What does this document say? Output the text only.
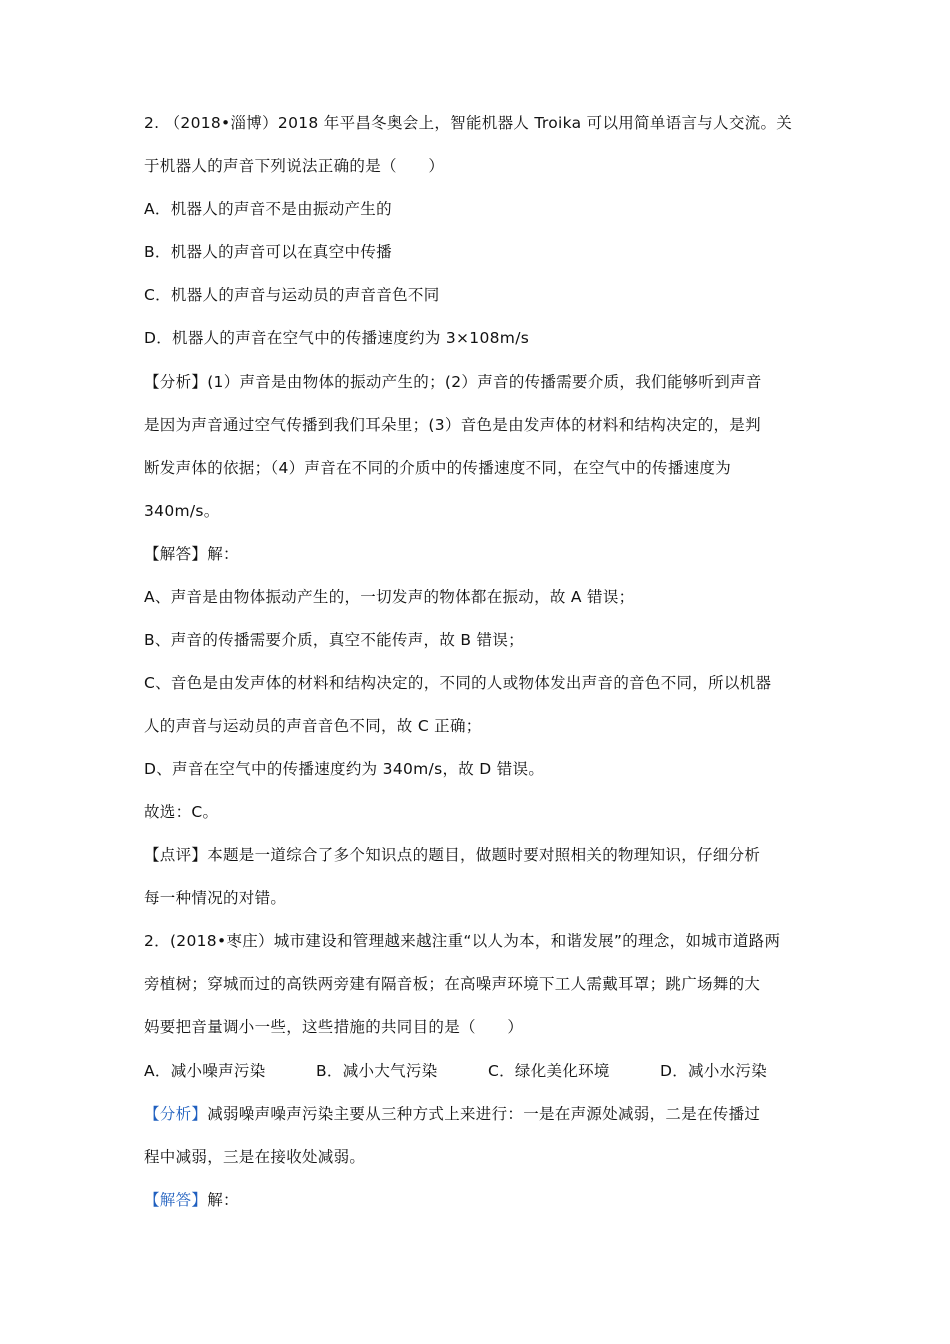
2. （2018•淄博）2018 年平昌冬奥会上，智能机器人 Troika 可以用简单语言与人交流。关
于机器人的声音下列说法正确的是（　　）
A．机器人的声音不是由振动产生的
B．机器人的声音可以在真空中传播
C．机器人的声音与运动员的声音音色不同
D．机器人的声音在空气中的传播速度约为 3×108m/s
【分析】(1）声音是由物体的振动产生的；(2）声音的传播需要介质，我们能够听到声音
是因为声音通过空气传播到我们耳朵里；(3）音色是由发声体的材料和结构决定的，是判
断发声体的依据；（4）声音在不同的介质中的传播速度不同，在空气中的传播速度为
340m/s。
【解答】解：
A、声音是由物体振动产生的，一切发声的物体都在振动，故 A 错误；
B、声音的传播需要介质，真空不能传声，故 B 错误；
C、音色是由发声体的材料和结构决定的，不同的人或物体发出声音的音色不同，所以机器
人的声音与运动员的声音音色不同，故 C 正确；
D、声音在空气中的传播速度约为 340m/s，故 D 错误。
故选：C。
【点评】本题是一道综合了多个知识点的题目，做题时要对照相关的物理知识，仔细分析
每一种情况的对错。
2．(2018•枣庄）城市建设和管理越来越注重“以人为本，和谐发展”的理念，如城市道路两
旁植树；穿城而过的高铁两旁建有隔音板；在高噪声环境下工人需戴耳罩；跳广场舞的大
妈要把音量调小一些，这些措施的共同目的是（　　）
A．减小噪声污染	B．减小大气污染	C．绿化美化环境	D．减小水污染
【分析】减弱噪声噪声污染主要从三种方式上来进行：一是在声源处减弱，二是在传播过
程中减弱，三是在接收处减弱。
【解答】解：
